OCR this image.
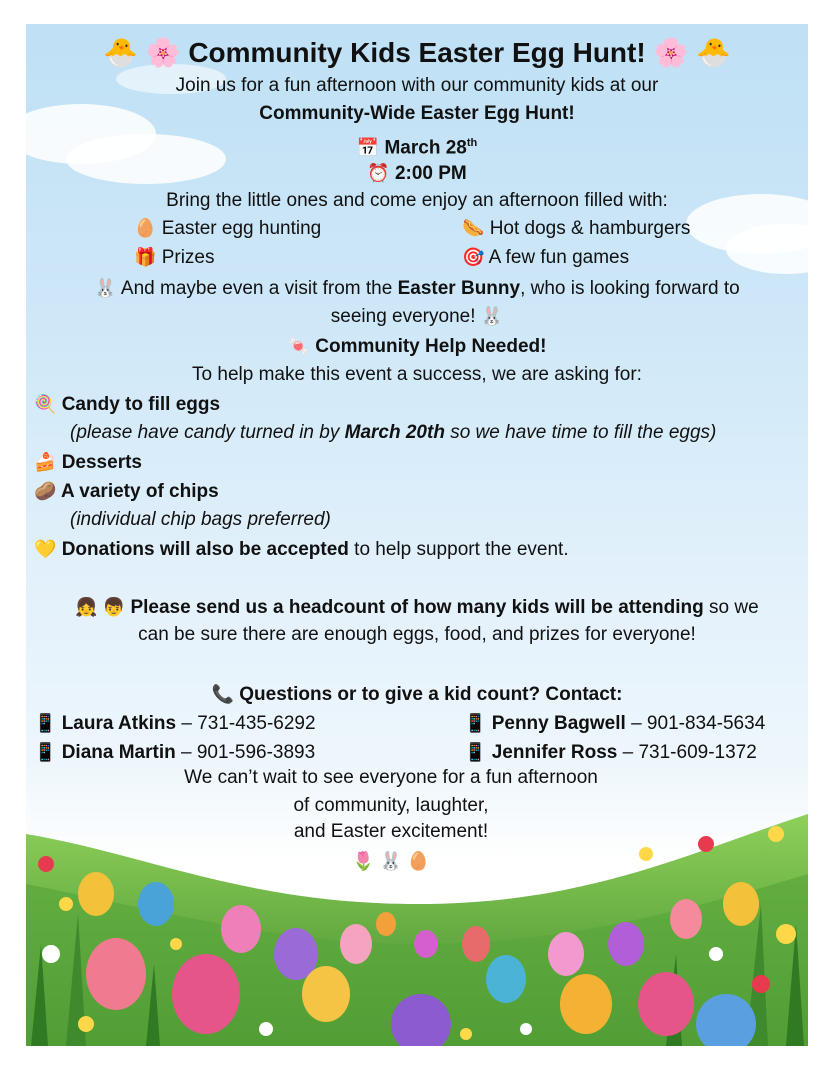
🐣 🌸 Community Kids Easter Egg Hunt! 🌸 🐣
Join us for a fun afternoon with our community kids at our
Community-Wide Easter Egg Hunt!
📅 March 28th
⏰ 2:00 PM
Bring the little ones and come enjoy an afternoon filled with:
🥚 Easter egg hunting	🌭 Hot dogs & hamburgers
🎁 Prizes	🎯 A few fun games
🐰 And maybe even a visit from the Easter Bunny, who is looking forward to
seeing everyone! 🐰
🍬 Community Help Needed!
To help make this event a success, we are asking for:
🍭 Candy to fill eggs
(please have candy turned in by March 20th so we have time to fill the eggs)
🍰 Desserts
🥔 A variety of chips
(individual chip bags preferred)
💛 Donations will also be accepted to help support the event.
👧 👦 Please send us a headcount of how many kids will be attending so we
can be sure there are enough eggs, food, and prizes for everyone!
📞 Questions or to give a kid count? Contact:
📱 Laura Atkins – 731-435-6292	📱 Penny Bagwell – 901-834-5634
📱 Diana Martin – 901-596-3893	📱 Jennifer Ross – 731-609-1372
We can’t wait to see everyone for a fun afternoon
of community, laughter,
and Easter excitement!
🌷 🐰 🥚
